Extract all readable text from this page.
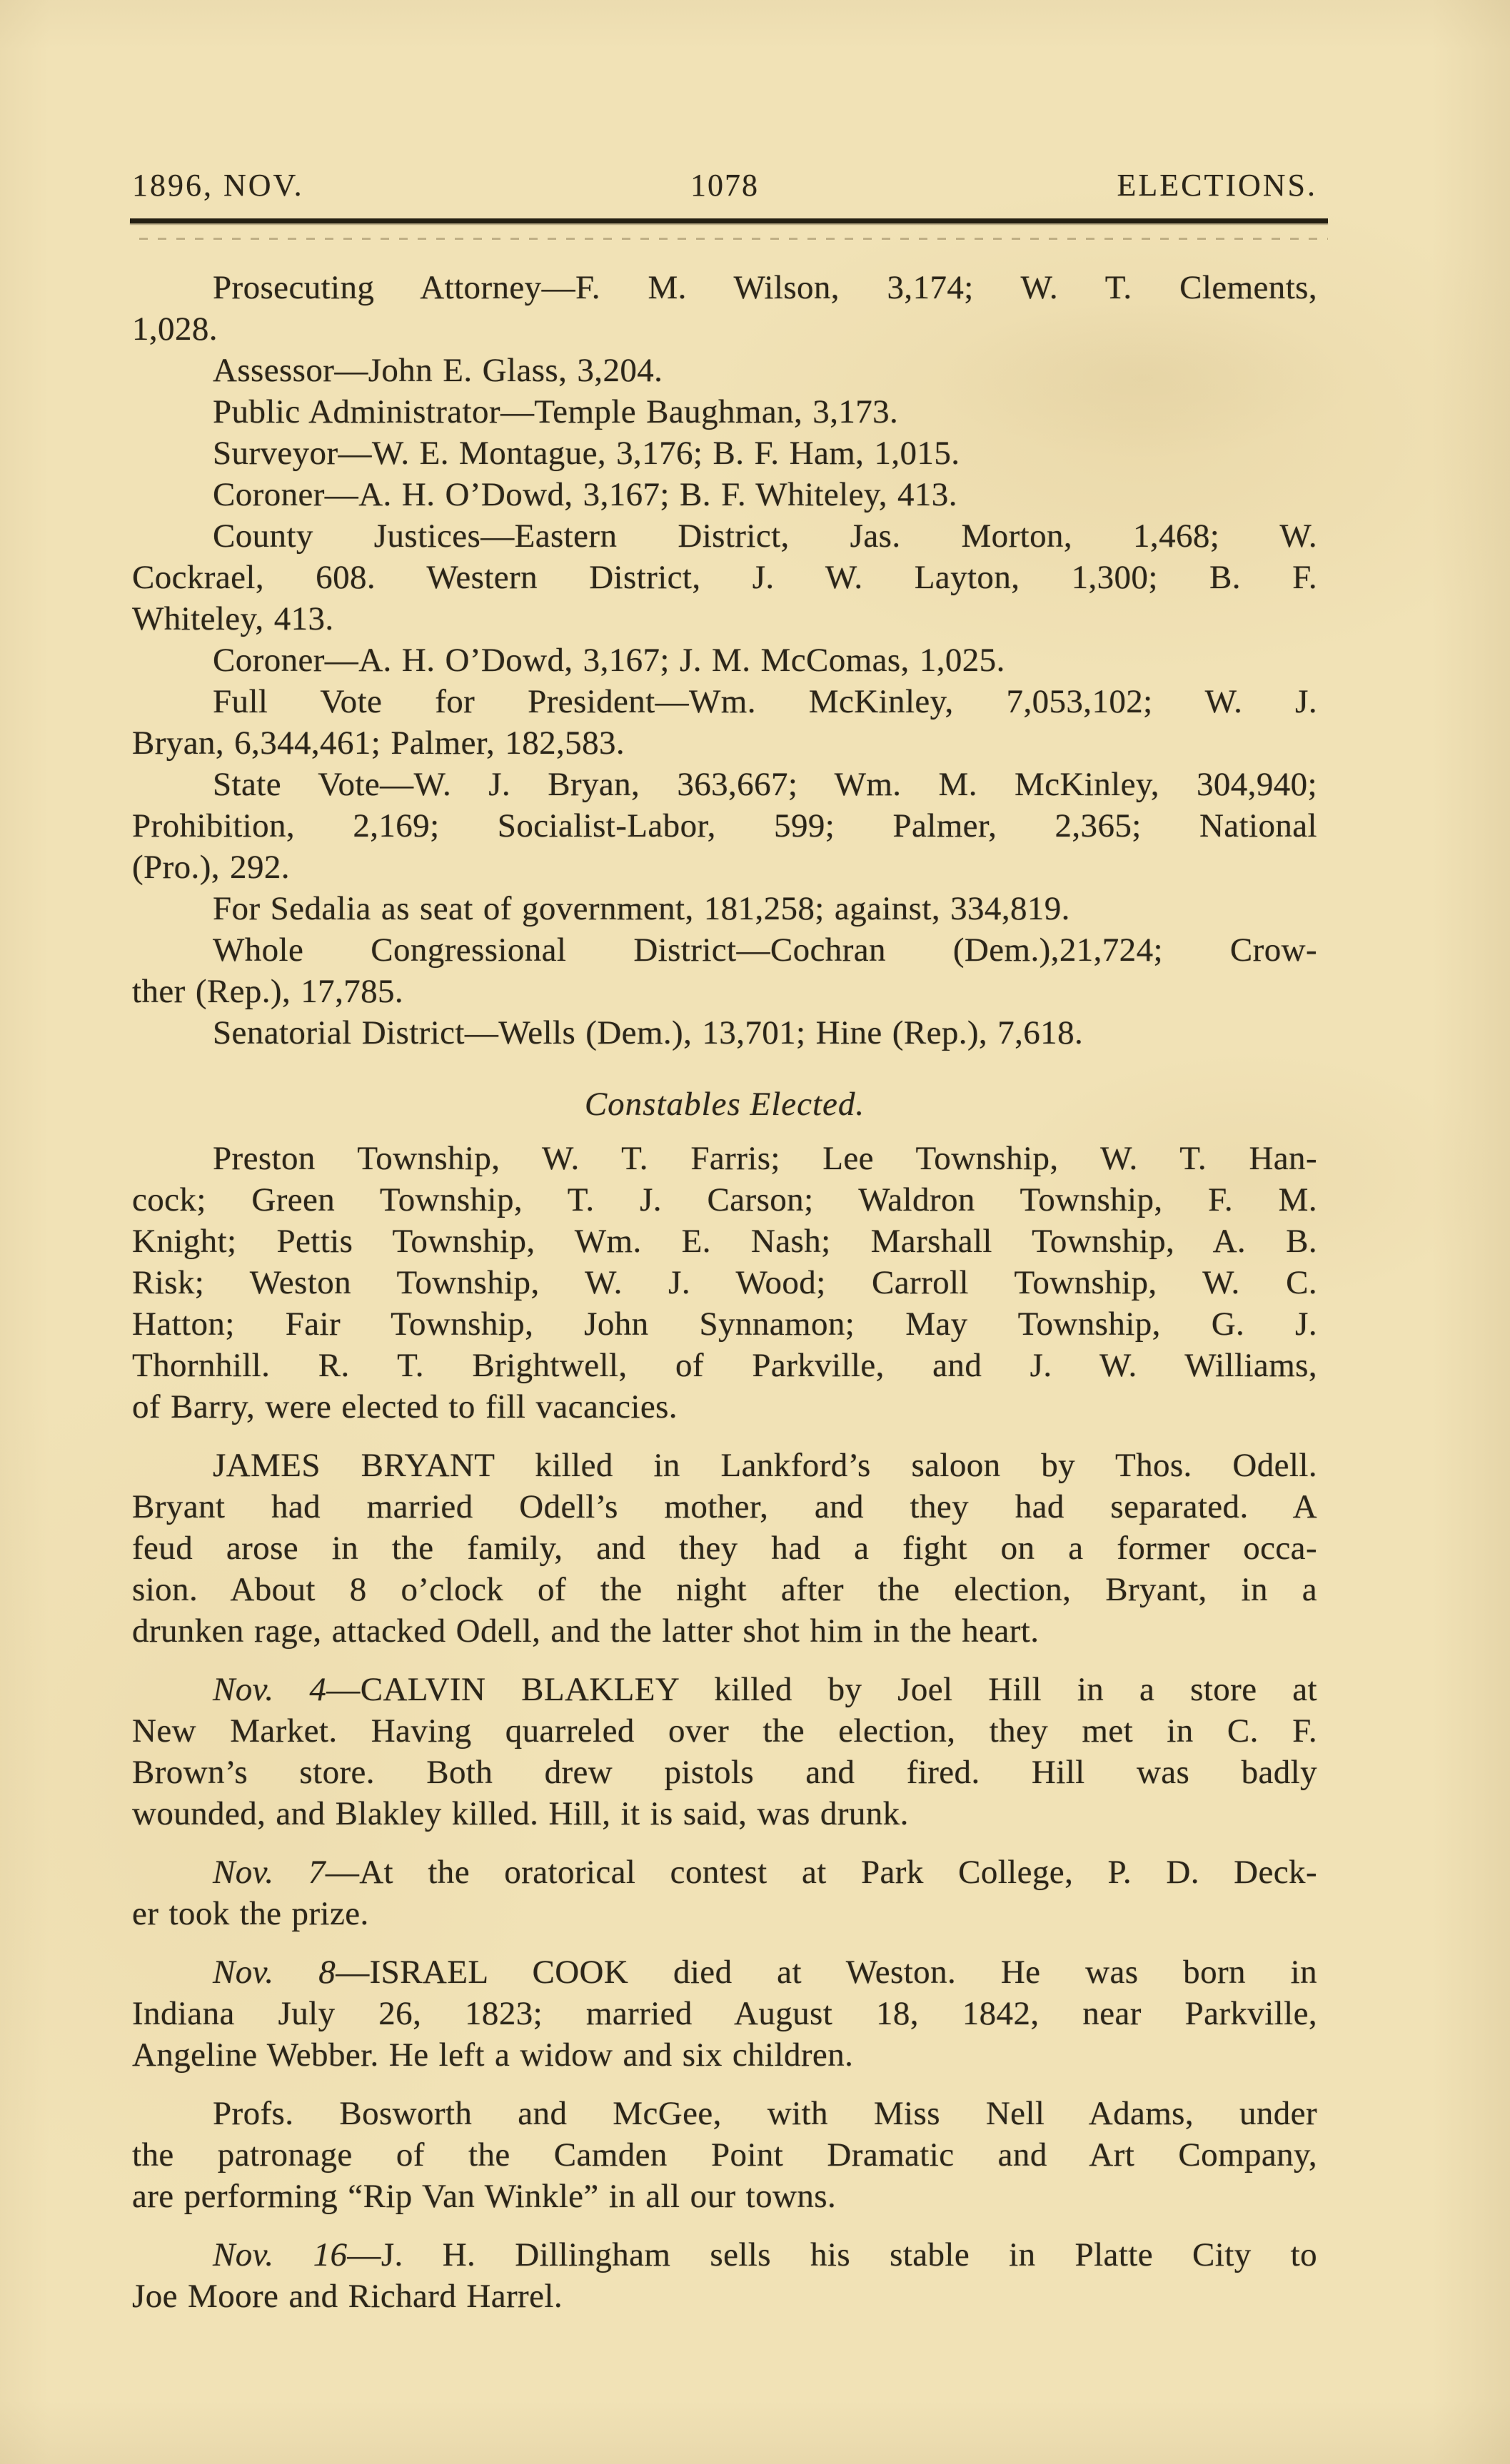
1896, NOV.	1078	ELECTIONS.
Prosecuting Attorney—F. M. Wilson, 3,174; W. T. Clements,
1,028.
Assessor—John E. Glass, 3,204.
Public Administrator—Temple Baughman, 3,173.
Surveyor—W. E. Montague, 3,176; B. F. Ham, 1,015.
Coroner—A. H. O’Dowd, 3,167; B. F. Whiteley, 413.
County Justices—Eastern District, Jas. Morton, 1,468; W.
Cockrael, 608. Western District, J. W. Layton, 1,300; B. F.
Whiteley, 413.
Coroner—A. H. O’Dowd, 3,167; J. M. McComas, 1,025.
Full Vote for President—Wm. McKinley, 7,053,102; W. J.
Bryan, 6,344,461; Palmer, 182,583.
State Vote—W. J. Bryan, 363,667; Wm. M. McKinley, 304,940;
Prohibition, 2,169; Socialist-Labor, 599; Palmer, 2,365; National
(Pro.), 292.
For Sedalia as seat of government, 181,258; against, 334,819.
Whole Congressional District—Cochran (Dem.),21,724; Crow-
ther (Rep.), 17,785.
Senatorial District—Wells (Dem.), 13,701; Hine (Rep.), 7,618.
Constables Elected.
Preston Township, W. T. Farris; Lee Township, W. T. Han-
cock; Green Township, T. J. Carson; Waldron Township, F. M.
Knight; Pettis Township, Wm. E. Nash; Marshall Township, A. B.
Risk; Weston Township, W. J. Wood; Carroll Township, W. C.
Hatton; Fair Township, John Synnamon; May Township, G. J.
Thornhill. R. T. Brightwell, of Parkville, and J. W. Williams,
of Barry, were elected to fill vacancies.
JAMES BRYANT killed in Lankford’s saloon by Thos. Odell.
Bryant had married Odell’s mother, and they had separated. A
feud arose in the family, and they had a fight on a former occa-
sion. About 8 o’clock of the night after the election, Bryant, in a
drunken rage, attacked Odell, and the latter shot him in the heart.
Nov. 4—CALVIN BLAKLEY killed by Joel Hill in a store at
New Market. Having quarreled over the election, they met in C. F.
Brown’s store. Both drew pistols and fired. Hill was badly
wounded, and Blakley killed. Hill, it is said, was drunk.
Nov. 7—At the oratorical contest at Park College, P. D. Deck-
er took the prize.
Nov. 8—ISRAEL COOK died at Weston. He was born in
Indiana July 26, 1823; married August 18, 1842, near Parkville,
Angeline Webber. He left a widow and six children.
Profs. Bosworth and McGee, with Miss Nell Adams, under
the patronage of the Camden Point Dramatic and Art Company,
are performing “Rip Van Winkle” in all our towns.
Nov. 16—J. H. Dillingham sells his stable in Platte City to
Joe Moore and Richard Harrel.
